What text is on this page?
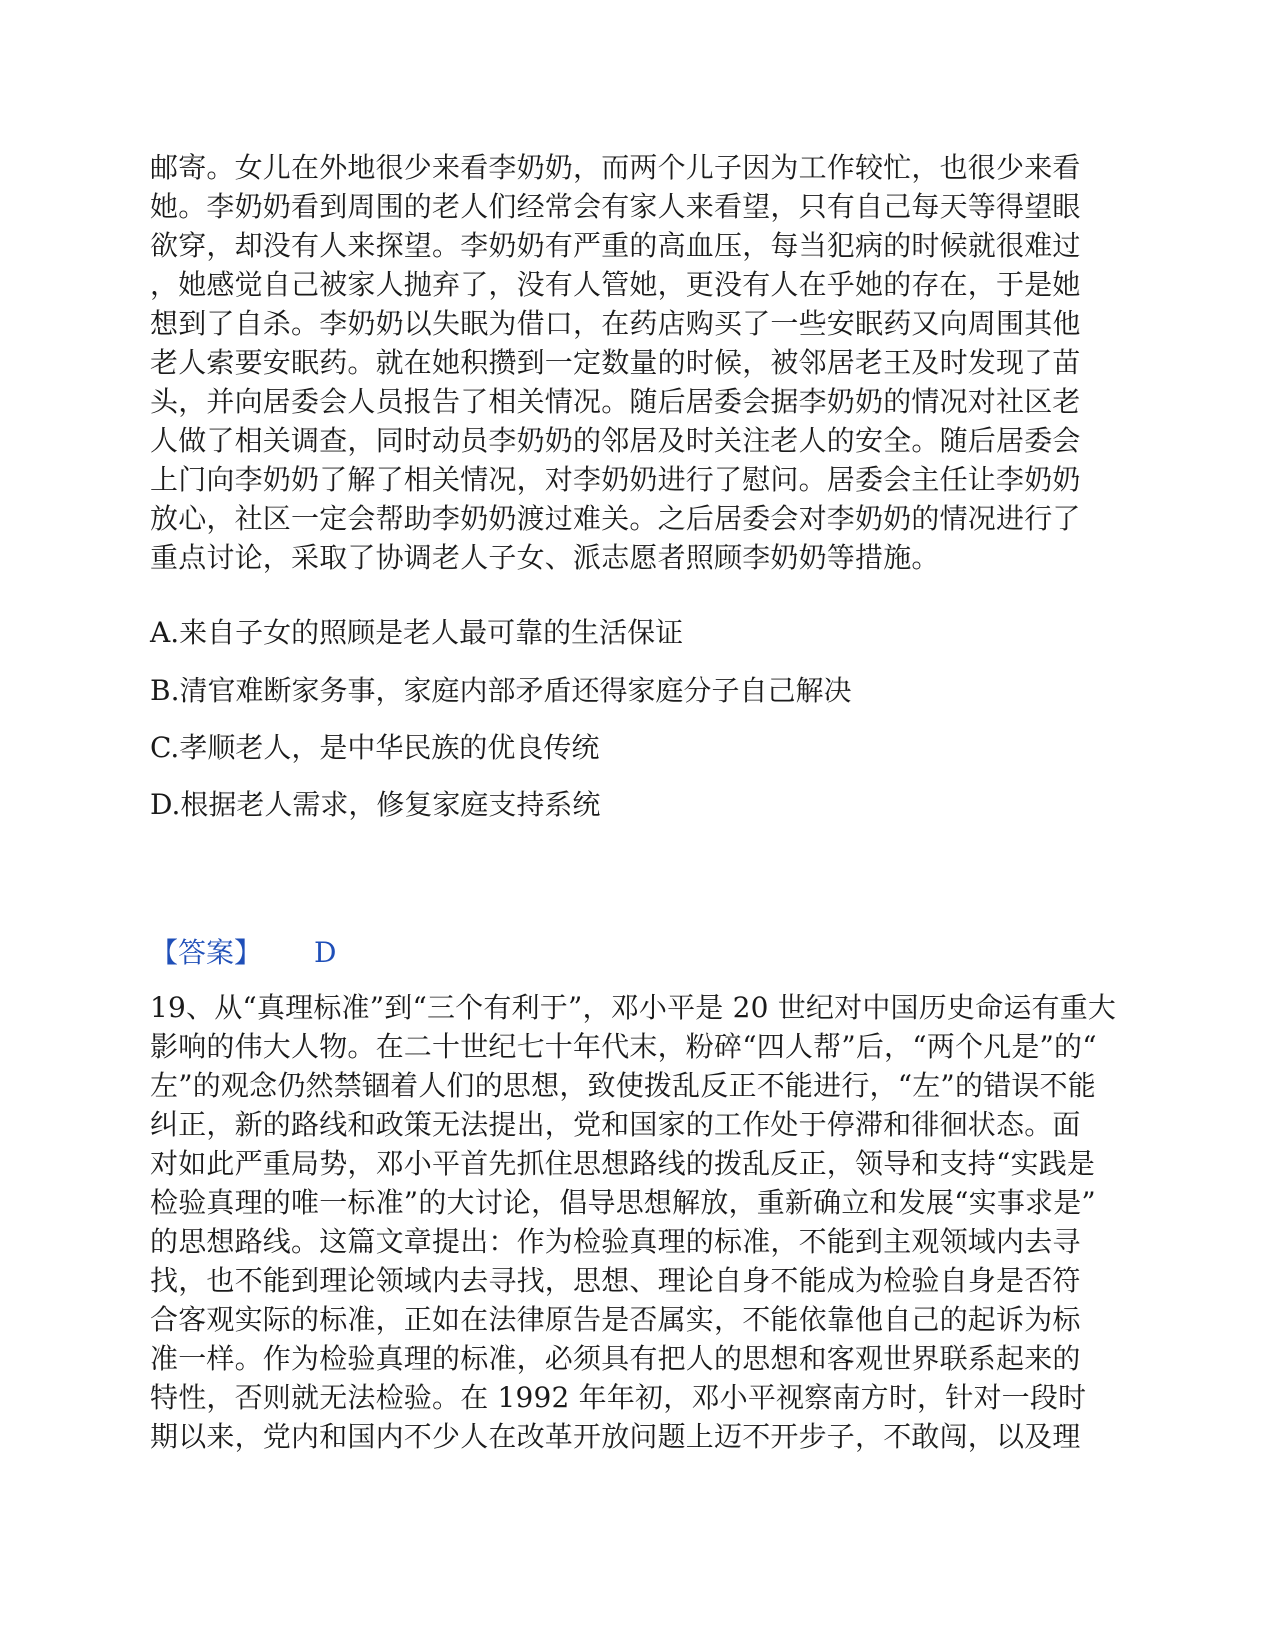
邮寄。女儿在外地很少来看李奶奶，而两个儿子因为工作较忙，也很少来看
她。李奶奶看到周围的老人们经常会有家人来看望，只有自己每天等得望眼
欲穿，却没有人来探望。李奶奶有严重的高血压，每当犯病的时候就很难过
，她感觉自己被家人抛弃了，没有人管她，更没有人在乎她的存在，于是她
想到了自杀。李奶奶以失眠为借口，在药店购买了一些安眠药又向周围其他
老人索要安眠药。就在她积攒到一定数量的时候，被邻居老王及时发现了苗
头，并向居委会人员报告了相关情况。随后居委会据李奶奶的情况对社区老
人做了相关调查，同时动员李奶奶的邻居及时关注老人的安全。随后居委会
上门向李奶奶了解了相关情况，对李奶奶进行了慰问。居委会主任让李奶奶
放心，社区一定会帮助李奶奶渡过难关。之后居委会对李奶奶的情况进行了
重点讨论，采取了协调老人子女、派志愿者照顾李奶奶等措施。
A.来自子女的照顾是老人最可靠的生活保证
B.清官难断家务事，家庭内部矛盾还得家庭分子自己解决
C.孝顺老人，是中华民族的优良传统
D.根据老人需求，修复家庭支持系统
【答案】 D
19、从“真理标准”到“三个有利于”，邓小平是 20 世纪对中国历史命运有重大
影响的伟大人物。在二十世纪七十年代末，粉碎“四人帮”后，“两个凡是”的“
左”的观念仍然禁锢着人们的思想，致使拨乱反正不能进行，“左”的错误不能
纠正，新的路线和政策无法提出，党和国家的工作处于停滞和徘徊状态。面
对如此严重局势，邓小平首先抓住思想路线的拨乱反正，领导和支持“实践是
检验真理的唯一标准”的大讨论，倡导思想解放，重新确立和发展“实事求是”
的思想路线。这篇文章提出：作为检验真理的标准，不能到主观领域内去寻
找，也不能到理论领域内去寻找，思想、理论自身不能成为检验自身是否符
合客观实际的标准，正如在法律原告是否属实，不能依靠他自己的起诉为标
准一样。作为检验真理的标准，必须具有把人的思想和客观世界联系起来的
特性，否则就无法检验。在 1992 年年初，邓小平视察南方时，针对一段时
期以来，党内和国内不少人在改革开放问题上迈不开步子，不敢闯，以及理
